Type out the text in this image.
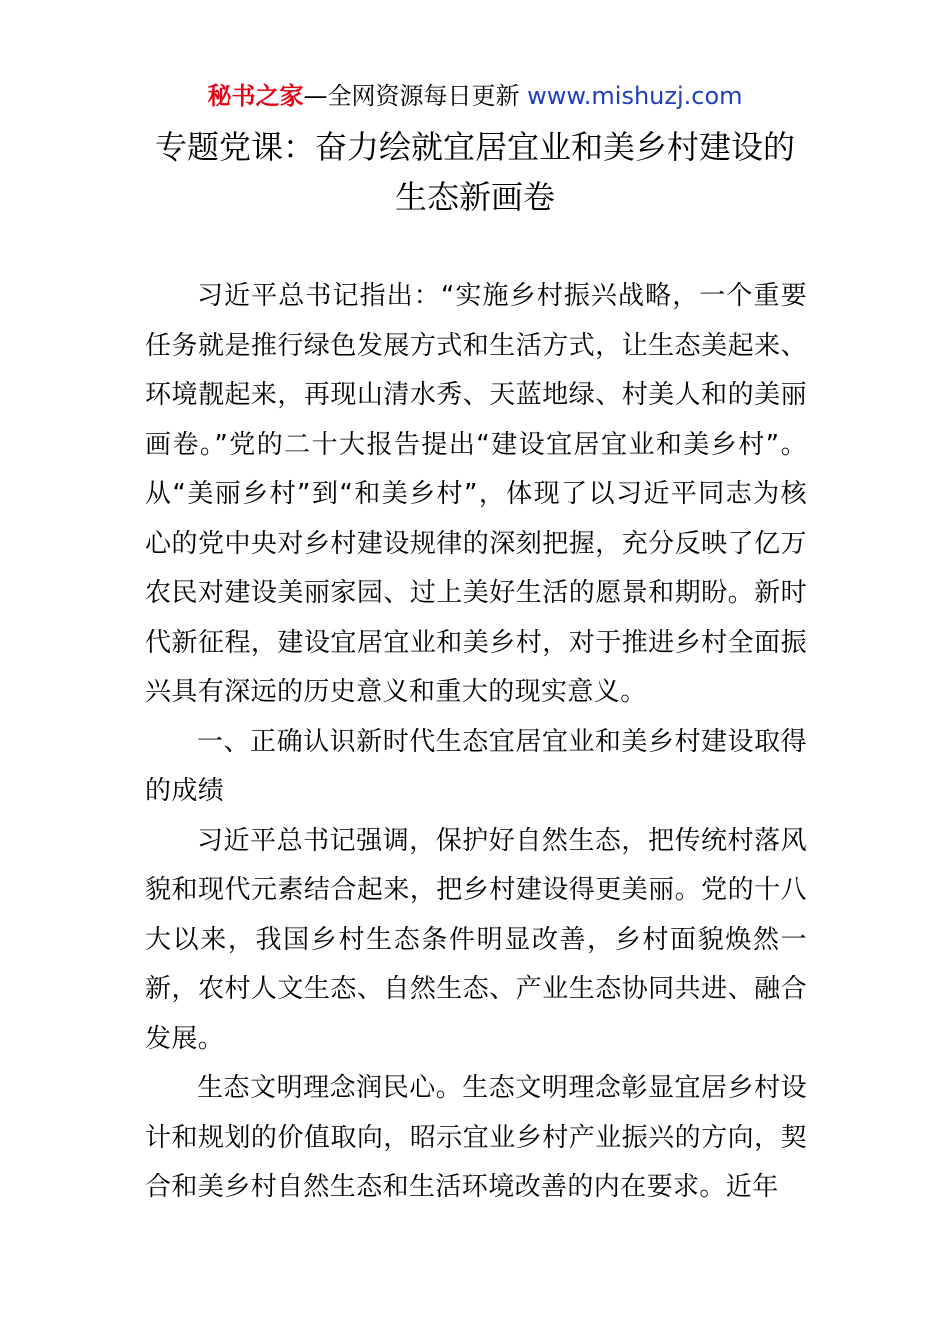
秘书之家—全网资源每日更新 www.mishuzj.com
专题党课：奋力绘就宜居宜业和美乡村建设的
生态新画卷

习近平总书记指出：“实施乡村振兴战略，一个重要任务就是推行绿色发展方式和生活方式，让生态美起来、环境靓起来，再现山清水秀、天蓝地绿、村美人和的美丽画卷。”党的二十大报告提出“建设宜居宜业和美乡村”。从“美丽乡村”到“和美乡村”，体现了以习近平同志为核心的党中央对乡村建设规律的深刻把握，充分反映了亿万农民对建设美丽家园、过上美好生活的愿景和期盼。新时代新征程，建设宜居宜业和美乡村，对于推进乡村全面振兴具有深远的历史意义和重大的现实意义。

一、正确认识新时代生态宜居宜业和美乡村建设取得的成绩

习近平总书记强调，保护好自然生态，把传统村落风貌和现代元素结合起来，把乡村建设得更美丽。党的十八大以来，我国乡村生态条件明显改善，乡村面貌焕然一新，农村人文生态、自然生态、产业生态协同共进、融合发展。

生态文明理念润民心。生态文明理念彰显宜居乡村设计和规划的价值取向，昭示宜业乡村产业振兴的方向，契合和美乡村自然生态和生活环境改善的内在要求。近年
